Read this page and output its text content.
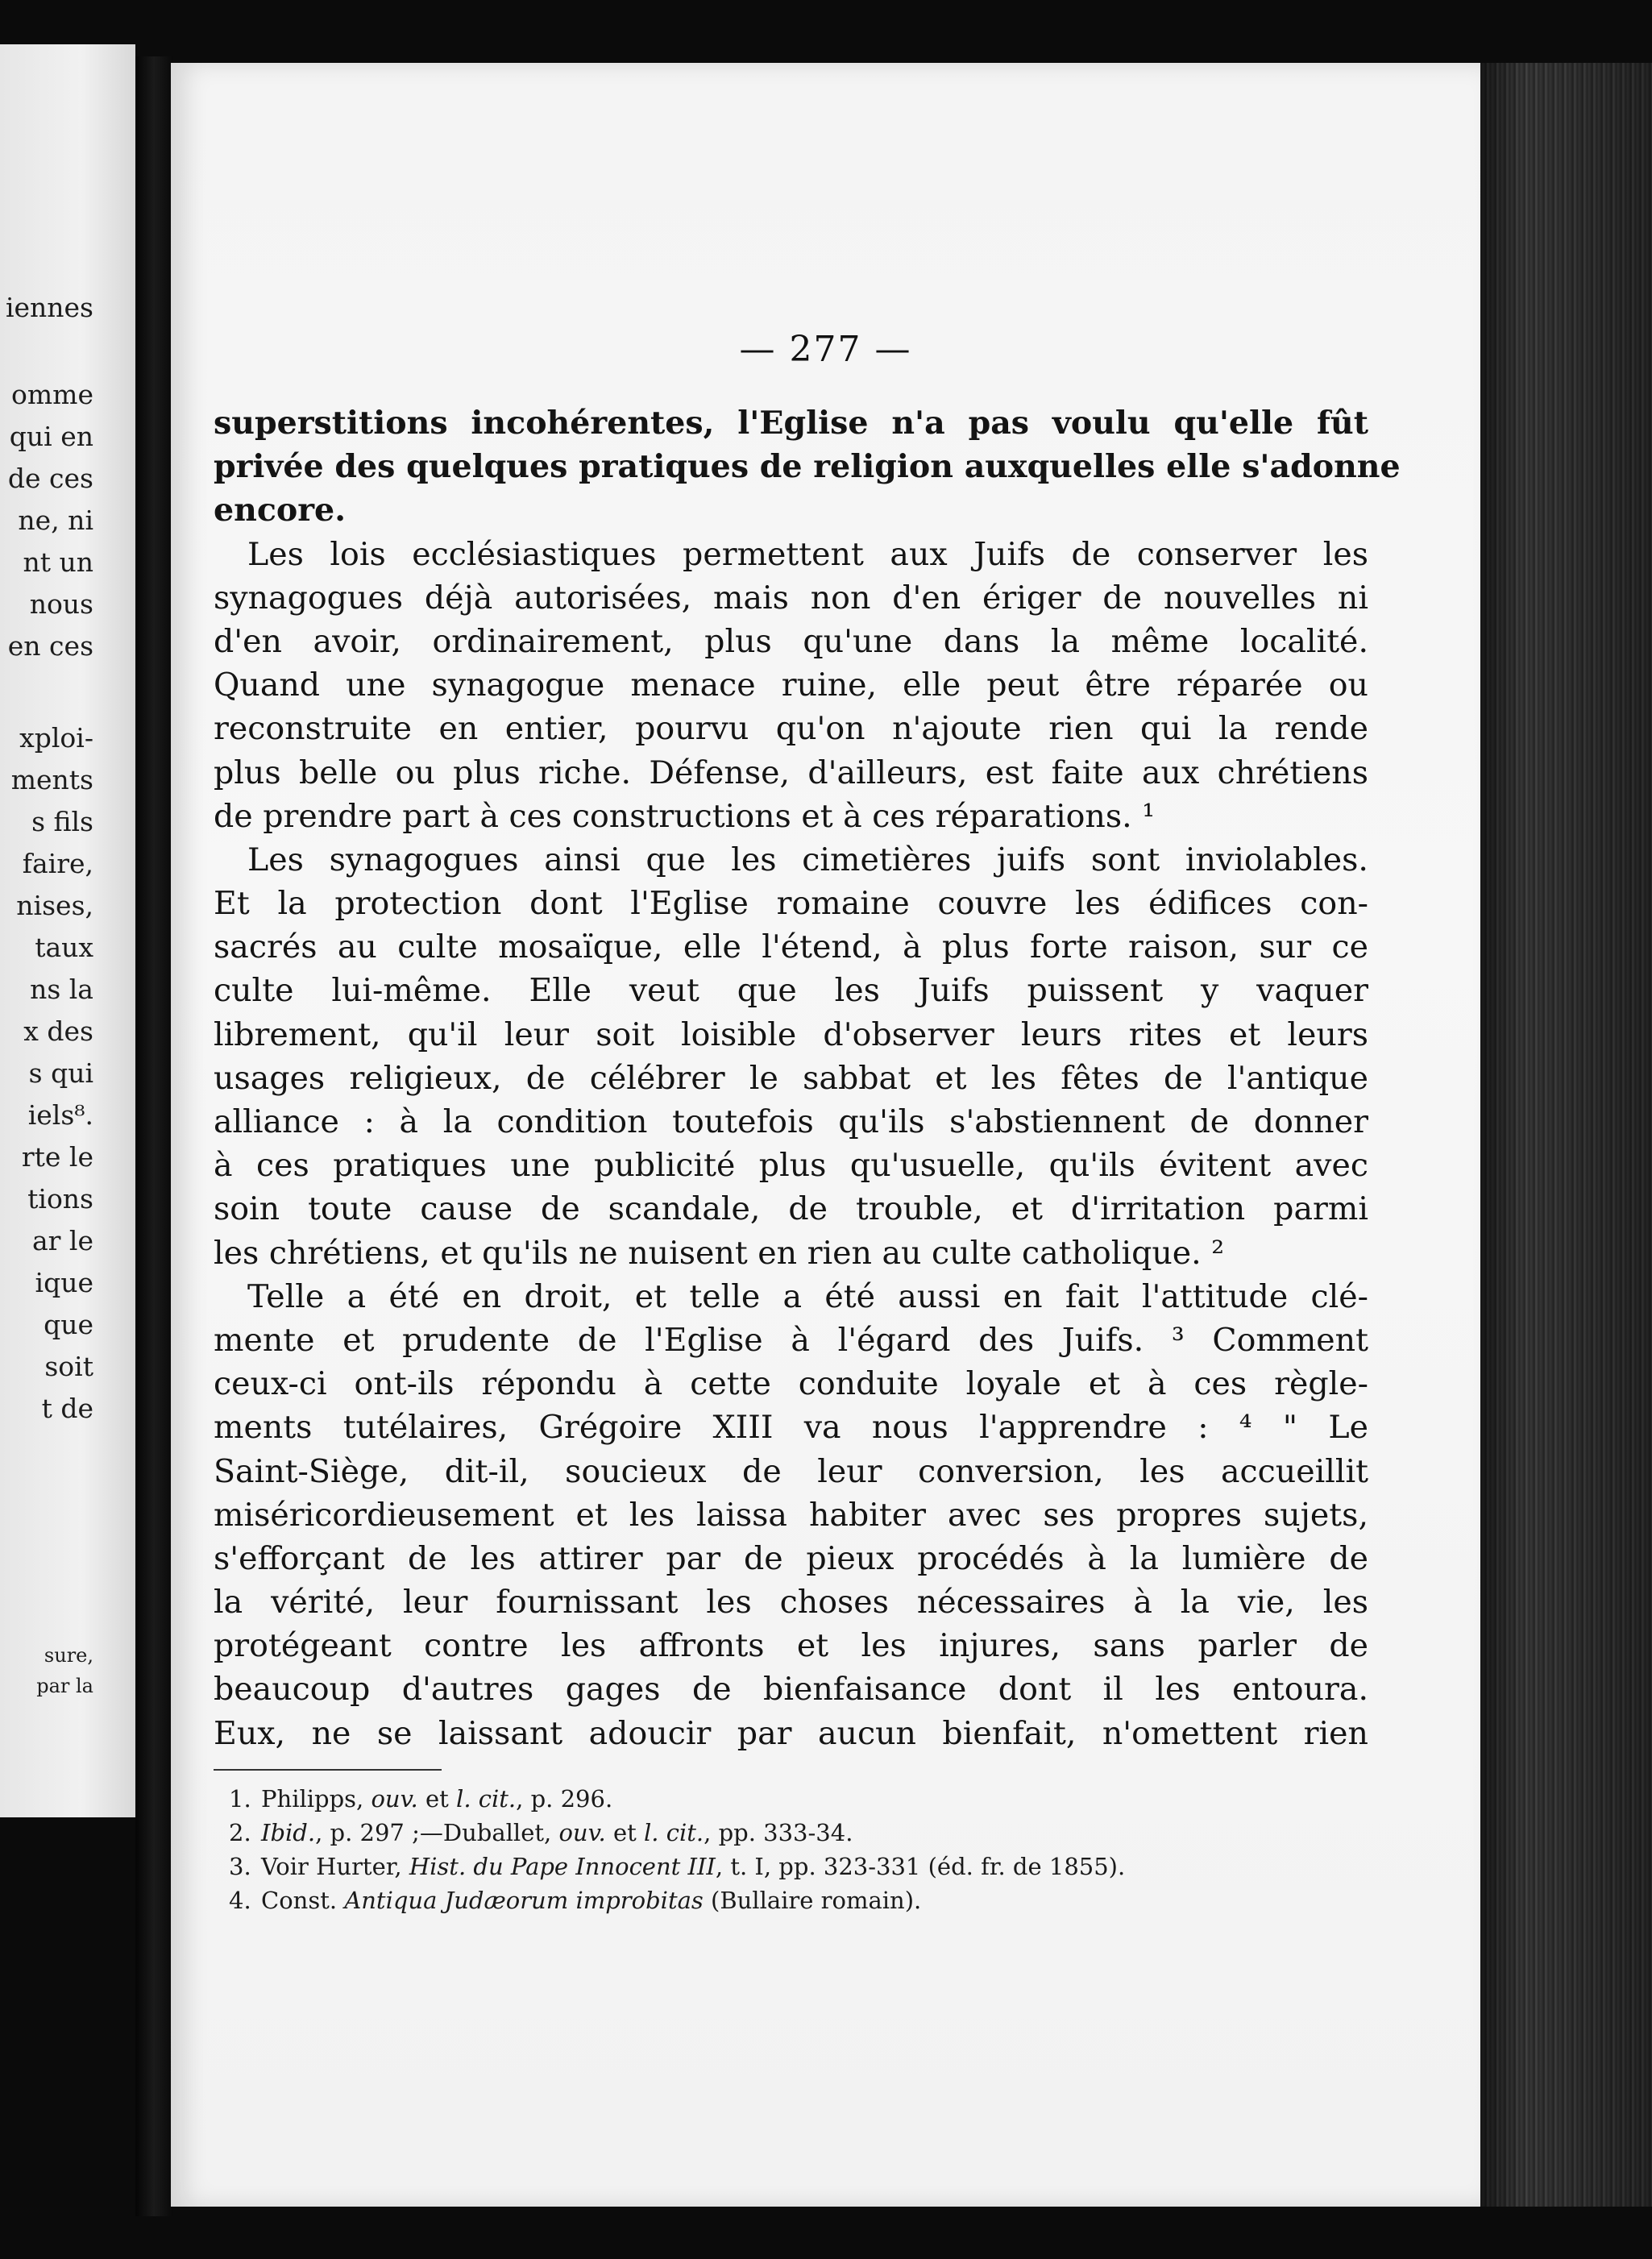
iennes
omme
qui en
de ces
ne, ni
nt un
nous
en ces
xploi-
ments
s fils
faire,
nises,
taux
ns la
x des
s qui
iels⁸.
rte le
tions
ar le
ique
que
soit
t de
sure,
par la
— 277 —
superstitions incohérentes, l'Eglise n'a pas voulu qu'elle fût
privée des quelques pratiques de religion auxquelles elle s'adonne
encore.
Les lois ecclésiastiques permettent aux Juifs de conserver les
synagogues déjà autorisées, mais non d'en ériger de nouvelles ni
d'en avoir, ordinairement, plus qu'une dans la même localité.
Quand une synagogue menace ruine, elle peut être réparée ou
reconstruite en entier, pourvu qu'on n'ajoute rien qui la rende
plus belle ou plus riche. Défense, d'ailleurs, est faite aux chrétiens
de prendre part à ces constructions et à ces réparations. ¹
Les synagogues ainsi que les cimetières juifs sont inviolables.
Et la protection dont l'Eglise romaine couvre les édifices con-
sacrés au culte mosaïque, elle l'étend, à plus forte raison, sur ce
culte lui-même. Elle veut que les Juifs puissent y vaquer
librement, qu'il leur soit loisible d'observer leurs rites et leurs
usages religieux, de célébrer le sabbat et les fêtes de l'antique
alliance : à la condition toutefois qu'ils s'abstiennent de donner
à ces pratiques une publicité plus qu'usuelle, qu'ils évitent avec
soin toute cause de scandale, de trouble, et d'irritation parmi
les chrétiens, et qu'ils ne nuisent en rien au culte catholique. ²
Telle a été en droit, et telle a été aussi en fait l'attitude clé-
mente et prudente de l'Eglise à l'égard des Juifs. ³ Comment
ceux-ci ont-ils répondu à cette conduite loyale et à ces règle-
ments tutélaires, Grégoire XIII va nous l'apprendre : ⁴ " Le
Saint-Siège, dit-il, soucieux de leur conversion, les accueillit
miséricordieusement et les laissa habiter avec ses propres sujets,
s'efforçant de les attirer par de pieux procédés à la lumière de
la vérité, leur fournissant les choses nécessaires à la vie, les
protégeant contre les affronts et les injures, sans parler de
beaucoup d'autres gages de bienfaisance dont il les entoura.
Eux, ne se laissant adoucir par aucun bienfait, n'omettent rien
1. Philipps, ouv. et l. cit., p. 296.
2. Ibid., p. 297 ;—Duballet, ouv. et l. cit., pp. 333-34.
3. Voir Hurter, Hist. du Pape Innocent III, t. I, pp. 323-331 (éd. fr. de 1855).
4. Const. Antiqua Judæorum improbitas (Bullaire romain).
